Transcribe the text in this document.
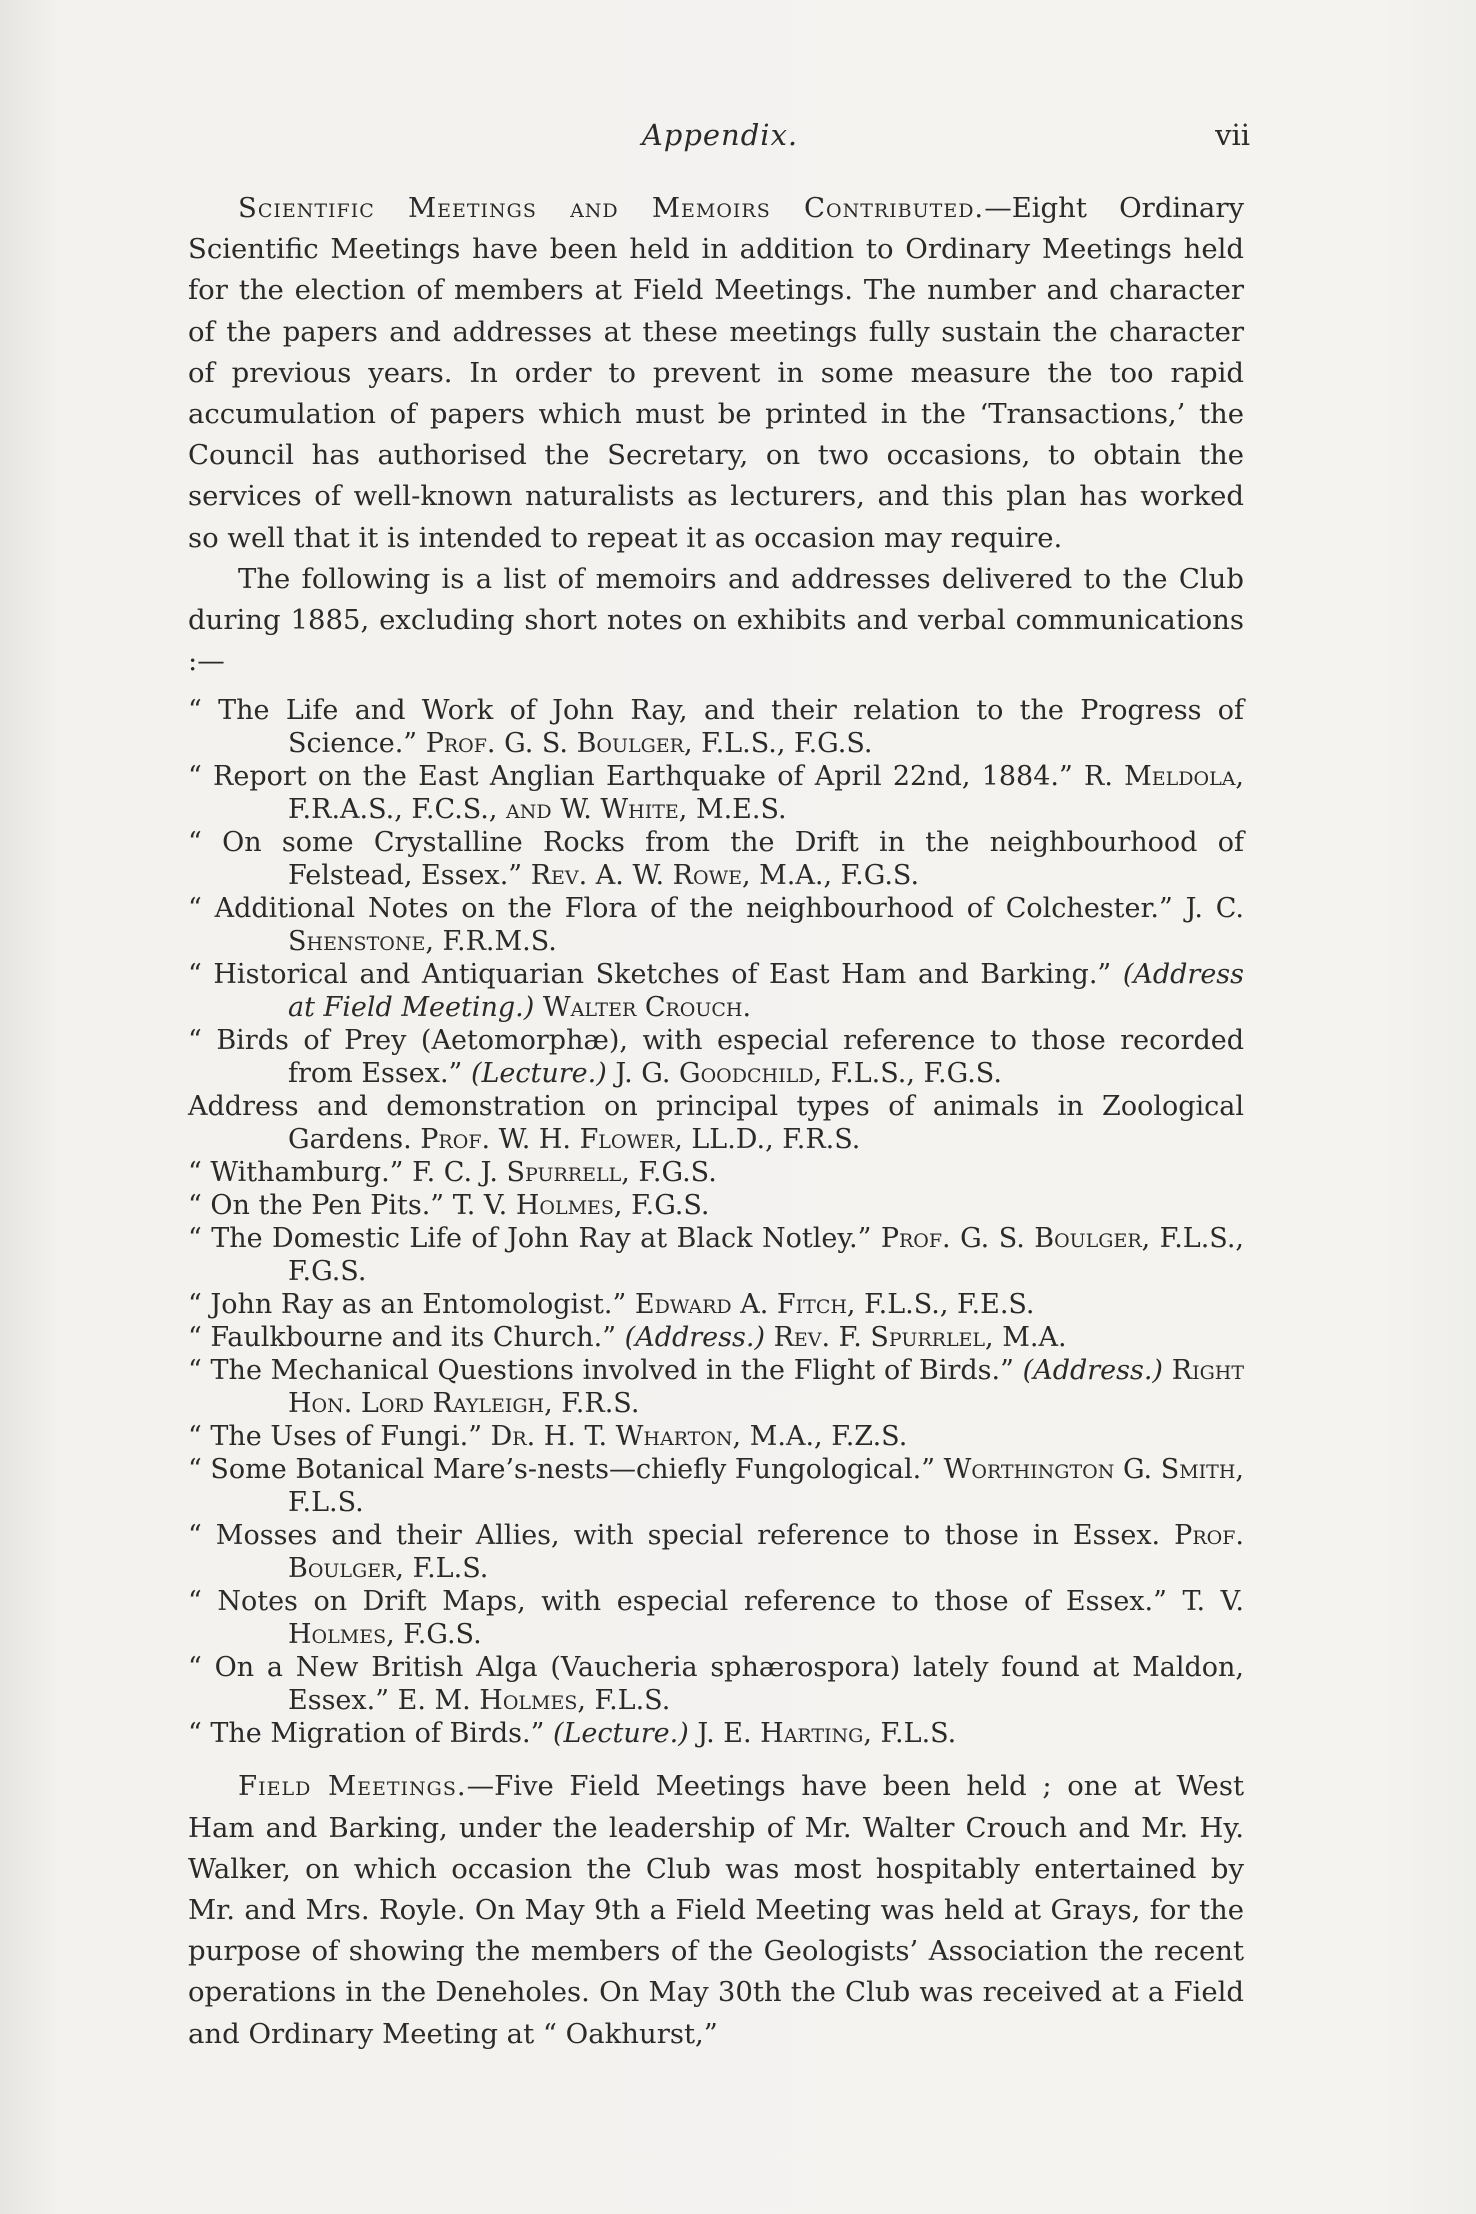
Appendix.	vii

Scientific Meetings and Memoirs Contributed.—Eight Ordinary Scientific Meetings have been held in addition to Ordinary Meetings held for the election of members at Field Meetings. The number and character of the papers and addresses at these meetings fully sustain the character of previous years. In order to prevent in some measure the too rapid accumulation of papers which must be printed in the ‘Transactions,’ the Council has authorised the Secretary, on two occasions, to obtain the services of well-known naturalists as lecturers, and this plan has worked so well that it is intended to repeat it as occasion may require.

The following is a list of memoirs and addresses delivered to the Club during 1885, excluding short notes on exhibits and verbal communications :—

“ The Life and Work of John Ray, and their relation to the Progress of Science.” Prof. G. S. Boulger, F.L.S., F.G.S.
“ Report on the East Anglian Earthquake of April 22nd, 1884.” R. Meldola, F.R.A.S., F.C.S., and W. White, M.E.S.
“ On some Crystalline Rocks from the Drift in the neighbourhood of Felstead, Essex.” Rev. A. W. Rowe, M.A., F.G.S.
“ Additional Notes on the Flora of the neighbourhood of Colchester.” J. C. Shenstone, F.R.M.S.
“ Historical and Antiquarian Sketches of East Ham and Barking.” (Address at Field Meeting.) Walter Crouch.
“ Birds of Prey (Aetomorphæ), with especial reference to those recorded from Essex.” (Lecture.) J. G. Goodchild, F.L.S., F.G.S.
Address and demonstration on principal types of animals in Zoological Gardens. Prof. W. H. Flower, LL.D., F.R.S.
“ Withamburg.” F. C. J. Spurrell, F.G.S.
“ On the Pen Pits.” T. V. Holmes, F.G.S.
“ The Domestic Life of John Ray at Black Notley.” Prof. G. S. Boulger, F.L.S., F.G.S.
“ John Ray as an Entomologist.” Edward A. Fitch, F.L.S., F.E.S.
“ Faulkbourne and its Church.” (Address.) Rev. F. Spurrlel, M.A.
“ The Mechanical Questions involved in the Flight of Birds.” (Address.) Right Hon. Lord Rayleigh, F.R.S.
“ The Uses of Fungi.” Dr. H. T. Wharton, M.A., F.Z.S.
“ Some Botanical Mare’s-nests—chiefly Fungological.” Worthington G. Smith, F.L.S.
“ Mosses and their Allies, with special reference to those in Essex. Prof. Boulger, F.L.S.
“ Notes on Drift Maps, with especial reference to those of Essex.” T. V. Holmes, F.G.S.
“ On a New British Alga (Vaucheria sphærospora) lately found at Maldon, Essex.” E. M. Holmes, F.L.S.
“ The Migration of Birds.” (Lecture.) J. E. Harting, F.L.S.

Field Meetings.—Five Field Meetings have been held ; one at West Ham and Barking, under the leadership of Mr. Walter Crouch and Mr. Hy. Walker, on which occasion the Club was most hospitably entertained by Mr. and Mrs. Royle. On May 9th a Field Meeting was held at Grays, for the purpose of showing the members of the Geologists’ Association the recent operations in the Deneholes. On May 30th the Club was received at a Field and Ordinary Meeting at “ Oakhurst,”
